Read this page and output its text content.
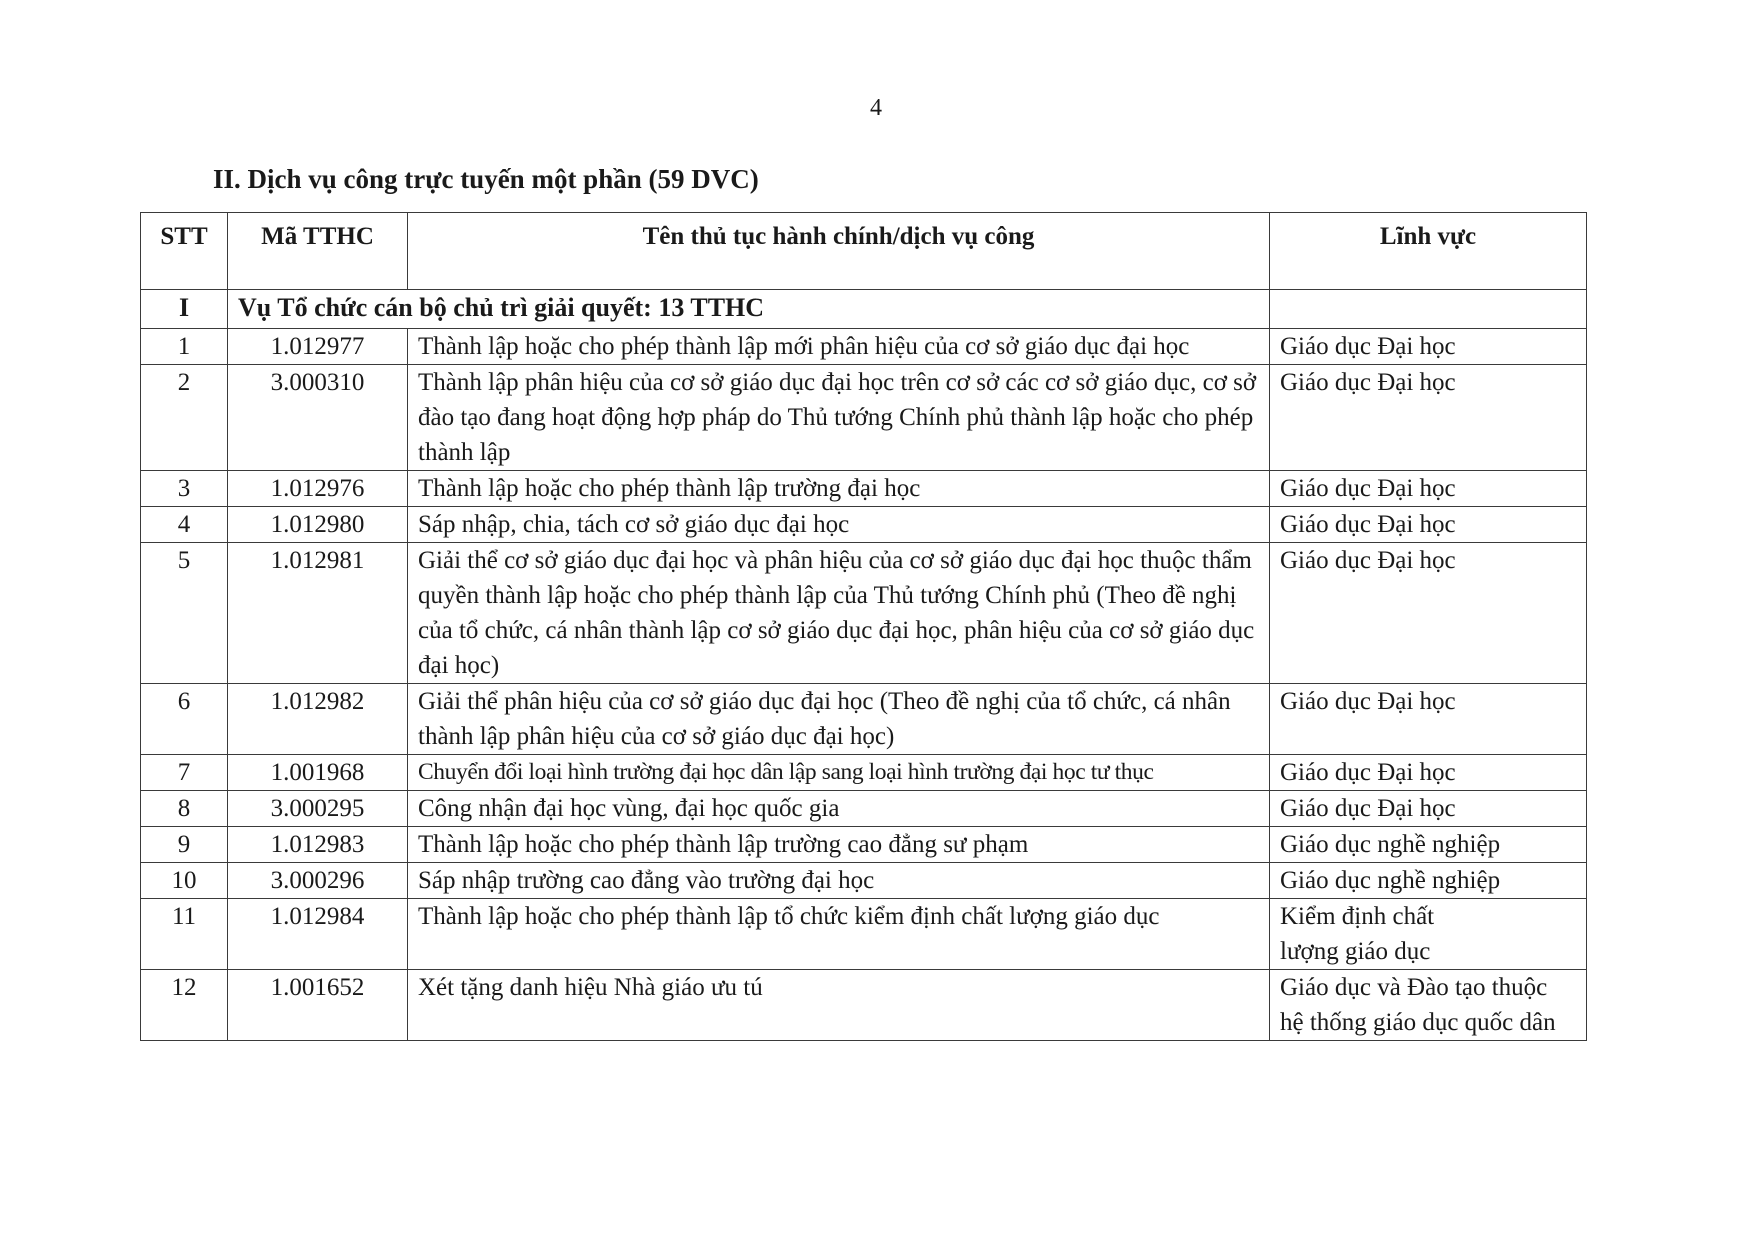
4
II. Dịch vụ công trực tuyến một phần (59 DVC)
STT	Mã TTHC	Tên thủ tục hành chính/dịch vụ công	Lĩnh vực
I	Vụ Tổ chức cán bộ chủ trì giải quyết: 13 TTHC		
1	1.012977	Thành lập hoặc cho phép thành lập mới phân hiệu của cơ sở giáo dục đại học	Giáo dục Đại học
2	3.000310	Thành lập phân hiệu của cơ sở giáo dục đại học trên cơ sở các cơ sở giáo dục, cơ sở đào tạo đang hoạt động hợp pháp do Thủ tướng Chính phủ thành lập hoặc cho phép thành lập	Giáo dục Đại học
3	1.012976	Thành lập hoặc cho phép thành lập trường đại học	Giáo dục Đại học
4	1.012980	Sáp nhập, chia, tách cơ sở giáo dục đại học	Giáo dục Đại học
5	1.012981	Giải thể cơ sở giáo dục đại học và phân hiệu của cơ sở giáo dục đại học thuộc thẩm quyền thành lập hoặc cho phép thành lập của Thủ tướng Chính phủ (Theo đề nghị của tổ chức, cá nhân thành lập cơ sở giáo dục đại học, phân hiệu của cơ sở giáo dục đại học)	Giáo dục Đại học
6	1.012982	Giải thể phân hiệu của cơ sở giáo dục đại học (Theo đề nghị của tổ chức, cá nhân thành lập phân hiệu của cơ sở giáo dục đại học)	Giáo dục Đại học
7	1.001968	Chuyển đổi loại hình trường đại học dân lập sang loại hình trường đại học tư thục	Giáo dục Đại học
8	3.000295	Công nhận đại học vùng, đại học quốc gia	Giáo dục Đại học
9	1.012983	Thành lập hoặc cho phép thành lập trường cao đẳng sư phạm	Giáo dục nghề nghiệp
10	3.000296	Sáp nhập trường cao đẳng vào trường đại học	Giáo dục nghề nghiệp
11	1.012984	Thành lập hoặc cho phép thành lập tổ chức kiểm định chất lượng giáo dục	Kiểm định chất lượng giáo dục
12	1.001652	Xét tặng danh hiệu Nhà giáo ưu tú	Giáo dục và Đào tạo thuộc hệ thống giáo dục quốc dân
